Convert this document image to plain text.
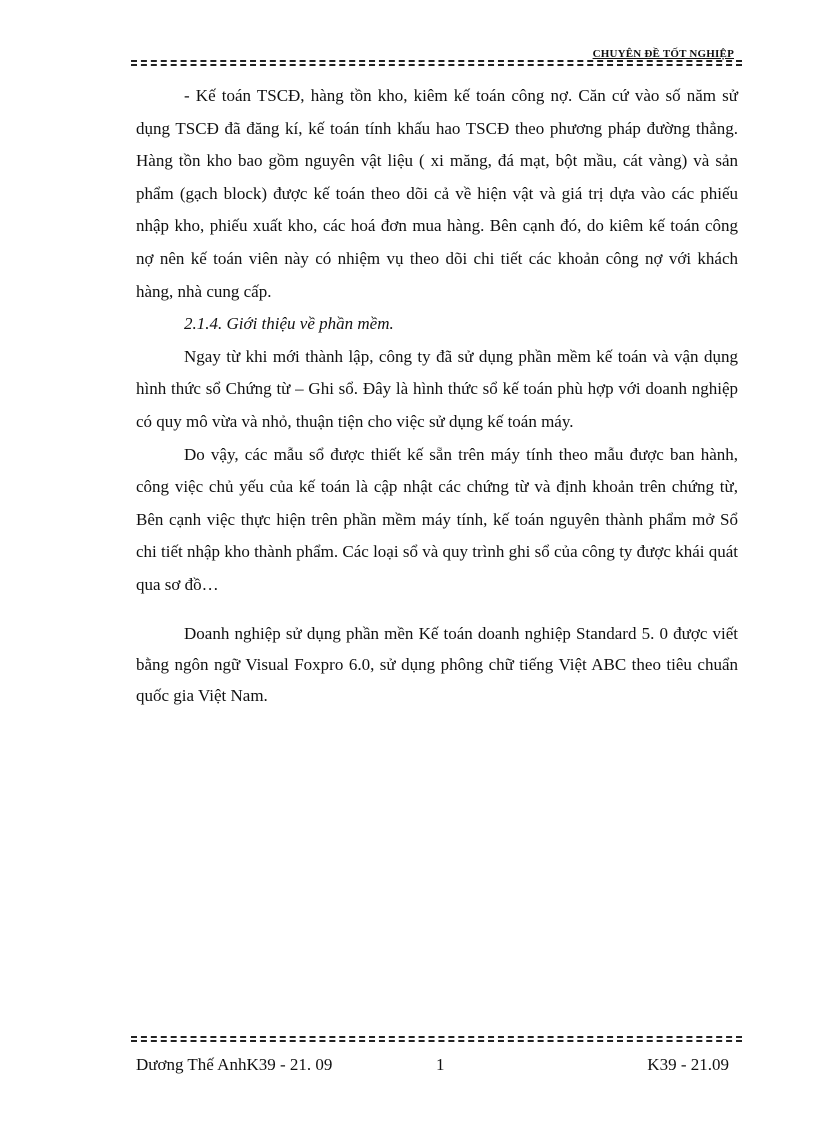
CHUYÊN ĐỀ TỐT NGHIỆP

- Kế toán TSCĐ, hàng tồn kho, kiêm kế toán công nợ. Căn cứ vào số năm sử dụng TSCĐ đã đăng kí, kế toán tính khấu hao TSCĐ theo phương pháp đường thẳng. Hàng tồn kho bao gồm nguyên vật liệu ( xi măng, đá mạt, bột mầu, cát vàng) và sản phẩm (gạch block) được kế toán theo dõi cả về hiện vật và giá trị dựa vào các phiếu nhập kho, phiếu xuất kho, các hoá đơn mua hàng. Bên cạnh đó, do kiêm kế toán công nợ nên kế toán viên này có nhiệm vụ theo dõi chi tiết các khoản công nợ với khách hàng, nhà cung cấp.

2.1.4. Giới thiệu về phần mềm.

Ngay từ khi mới thành lập, công ty đã sử dụng phần mềm kế toán và vận dụng hình thức sổ Chứng từ – Ghi sổ. Đây là hình thức sổ kế toán phù hợp với doanh nghiệp có quy mô vừa và nhỏ, thuận tiện cho việc sử dụng kế toán máy.

Do vậy, các mẫu sổ được thiết kế sẵn trên máy tính theo mẫu được ban hành, công việc chủ yếu của kế toán là cập nhật các chứng từ và định khoản trên chứng từ, Bên cạnh việc thực hiện trên phần mềm máy tính, kế toán nguyên thành phẩm mở Sổ chi tiết nhập kho thành phẩm. Các loại sổ và quy trình ghi sổ của công ty được khái quát qua sơ đồ…

Doanh nghiệp sử dụng phần mền Kế toán doanh nghiệp Standard 5. 0 được viết bằng ngôn ngữ Visual Foxpro 6.0, sử dụng phông chữ tiếng Việt ABC theo tiêu chuẩn quốc gia Việt Nam.

Dương Thế AnhK39 - 21. 09	1	K39 - 21.09
